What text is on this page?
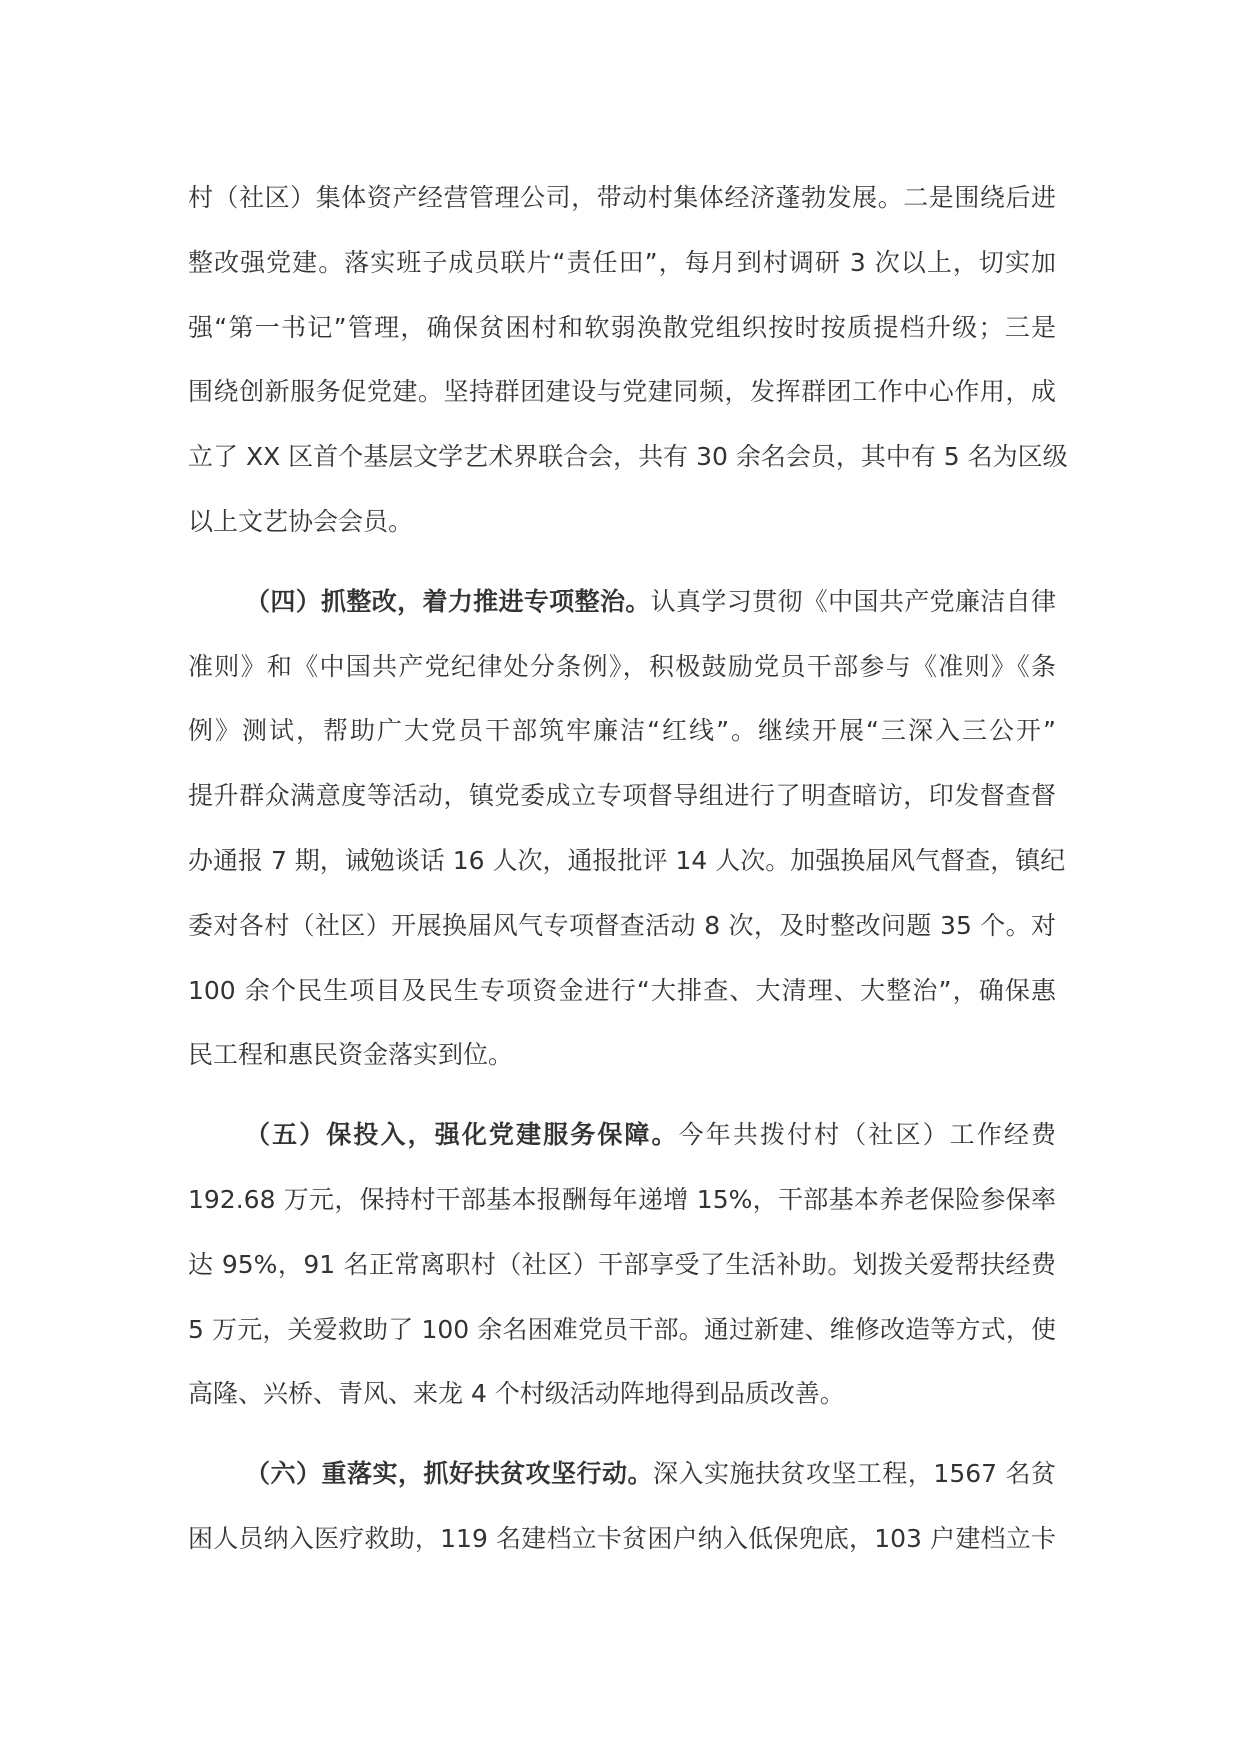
村（社区）集体资产经营管理公司，带动村集体经济蓬勃发展。二是围绕后进
整改强党建。落实班子成员联片“责任田”，每月到村调研 3 次以上，切实加
强“第一书记”管理，确保贫困村和软弱涣散党组织按时按质提档升级；三是
围绕创新服务促党建。坚持群团建设与党建同频，发挥群团工作中心作用，成
立了 XX 区首个基层文学艺术界联合会，共有 30 余名会员，其中有 5 名为区级
以上文艺协会会员。
（四）抓整改，着力推进专项整治。认真学习贯彻《中国共产党廉洁自律
准则》和《中国共产党纪律处分条例》，积极鼓励党员干部参与《准则》《条
例》测试，帮助广大党员干部筑牢廉洁“红线”。继续开展“三深入三公开”
提升群众满意度等活动，镇党委成立专项督导组进行了明查暗访，印发督查督
办通报 7 期，诫勉谈话 16 人次，通报批评 14 人次。加强换届风气督查，镇纪
委对各村（社区）开展换届风气专项督查活动 8 次，及时整改问题 35 个。对
100 余个民生项目及民生专项资金进行“大排查、大清理、大整治”，确保惠
民工程和惠民资金落实到位。
（五）保投入，强化党建服务保障。今年共拨付村（社区）工作经费
192.68 万元，保持村干部基本报酬每年递增 15%，干部基本养老保险参保率
达 95%，91 名正常离职村（社区）干部享受了生活补助。划拨关爱帮扶经费
5 万元，关爱救助了 100 余名困难党员干部。通过新建、维修改造等方式，使
高隆、兴桥、青风、来龙 4 个村级活动阵地得到品质改善。
（六）重落实，抓好扶贫攻坚行动。深入实施扶贫攻坚工程，1567 名贫
困人员纳入医疗救助，119 名建档立卡贫困户纳入低保兜底，103 户建档立卡
